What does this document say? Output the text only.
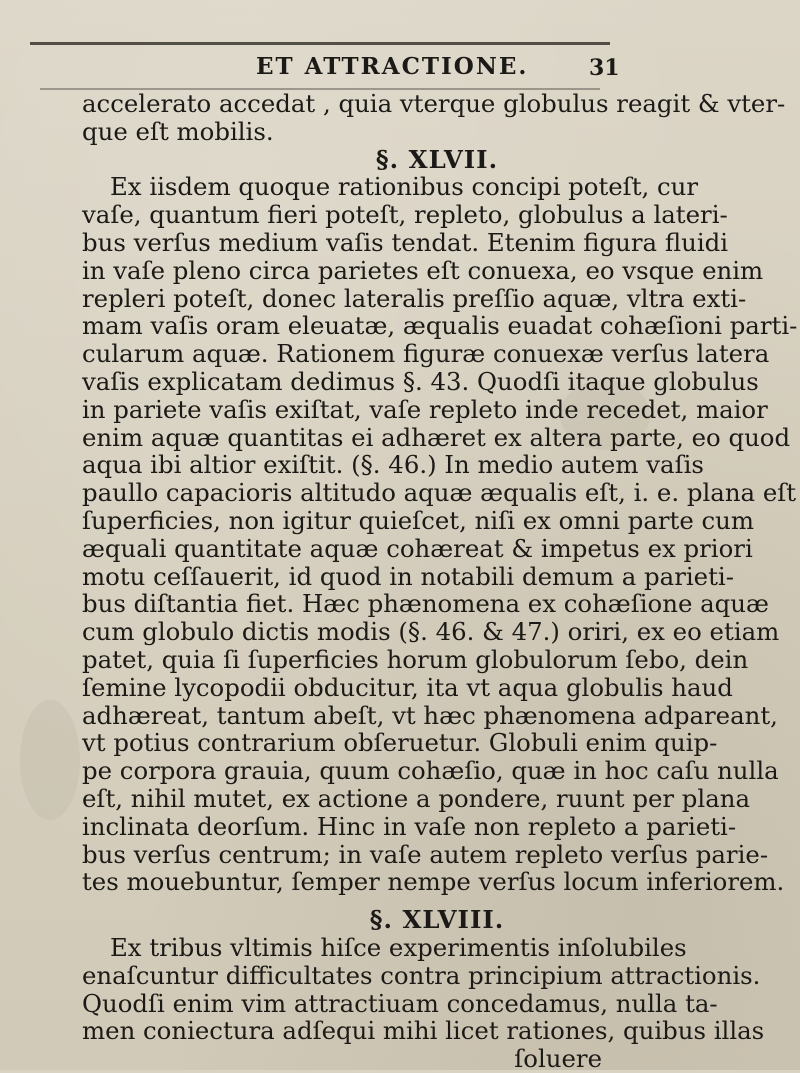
ET ATTRACTIONE.	31
accelerato accedat , quia vterque globulus reagit & vter-
que eſt mobilis.
§. XLVII.
Ex iisdem quoque rationibus concipi poteſt, cur
vaſe, quantum fieri poteſt, repleto, globulus a lateri-
bus verſus medium vaſis tendat. Etenim figura fluidi
in vaſe pleno circa parietes eſt conuexa, eo vsque enim
repleri poteſt, donec lateralis preſſio aquæ, vltra exti-
mam vaſis oram eleuatæ, æqualis euadat cohæſioni parti-
cularum aquæ. Rationem figuræ conuexæ verſus latera
vaſis explicatam dedimus §. 43. Quodſi itaque globulus
in pariete vaſis exiſtat, vaſe repleto inde recedet, maior
enim aquæ quantitas ei adhæret ex altera parte, eo quod
aqua ibi altior exiſtit. (§. 46.) In medio autem vaſis
paullo capacioris altitudo aquæ æqualis eſt, i. e. plana eſt
ſuperficies, non igitur quieſcet, niſi ex omni parte cum
æquali quantitate aquæ cohæreat & impetus ex priori
motu ceſſauerit, id quod in notabili demum a parieti-
bus diſtantia fiet. Hæc phænomena ex cohæſione aquæ
cum globulo dictis modis (§. 46. & 47.) oriri, ex eo etiam
patet, quia ſi ſuperficies horum globulorum ſebo, dein
ſemine lycopodii obducitur, ita vt aqua globulis haud
adhæreat, tantum abeſt, vt hæc phænomena adpareant,
vt potius contrarium obſeruetur. Globuli enim quip-
pe corpora grauia, quum cohæſio, quæ in hoc caſu nulla
eſt, nihil mutet, ex actione a pondere, ruunt per plana
inclinata deorſum. Hinc in vaſe non repleto a parieti-
bus verſus centrum; in vaſe autem repleto verſus parie-
tes mouebuntur, ſemper nempe verſus locum inferiorem.
§. XLVIII.
Ex tribus vltimis hiſce experimentis inſolubiles
enaſcuntur difficultates contra principium attractionis.
Quodſi enim vim attractiuam concedamus, nulla ta-
men coniectura adſequi mihi licet rationes, quibus illas
ſoluere
